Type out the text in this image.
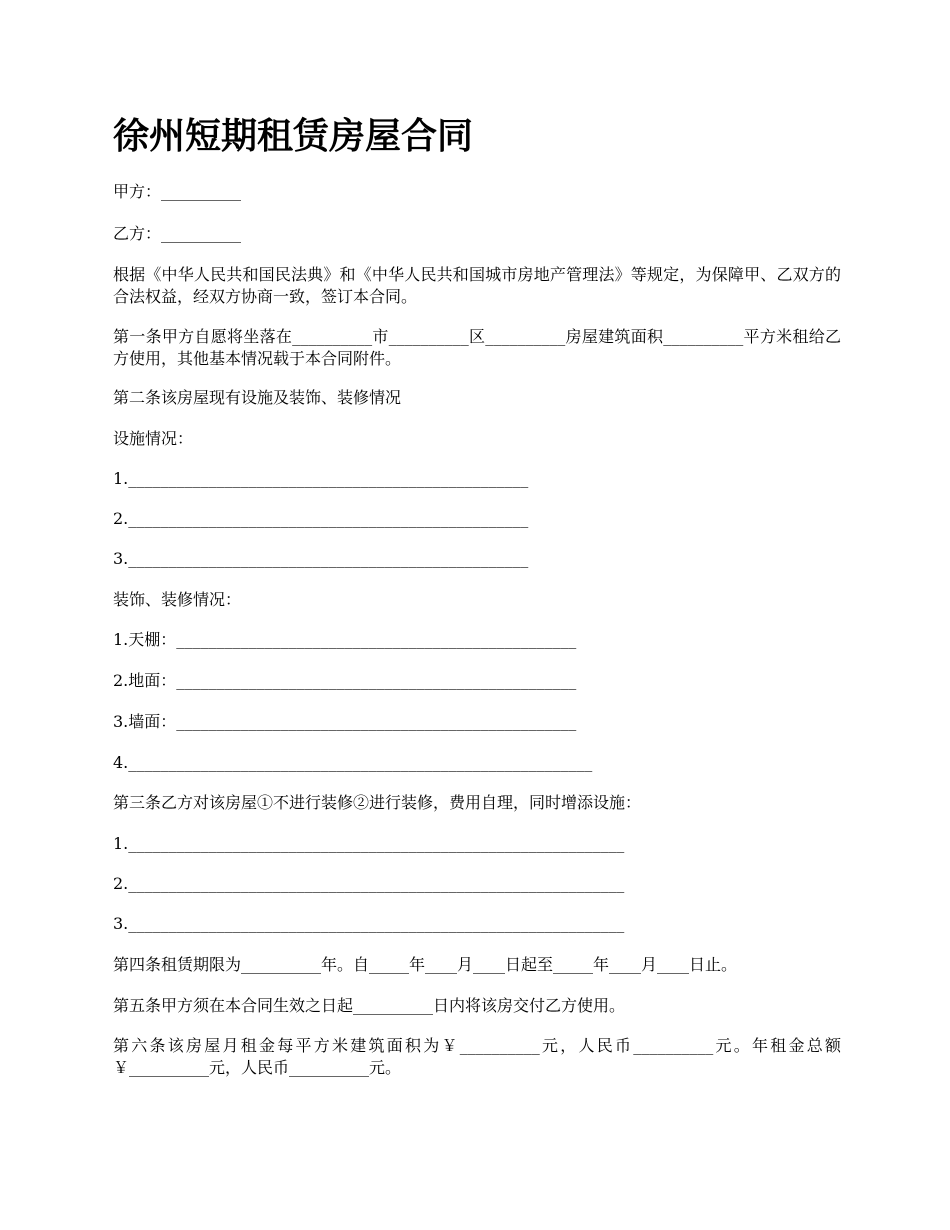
徐州短期租赁房屋合同
甲方：__________
乙方：__________
根据《中华人民共和国民法典》和《中华人民共和国城市房地产管理法》等规定，为保障甲、乙双方的合法权益，经双方协商一致，签订本合同。
第一条甲方自愿将坐落在__________市__________区__________房屋建筑面积__________平方米租给乙方使用，其他基本情况载于本合同附件。
第二条该房屋现有设施及装饰、装修情况
设施情况：
1.__________________________________________________
2.__________________________________________________
3.__________________________________________________
装饰、装修情况：
1.天棚：__________________________________________________
2.地面：__________________________________________________
3.墙面：__________________________________________________
4.__________________________________________________________
第三条乙方对该房屋①不进行装修②进行装修，费用自理，同时增添设施：
1.______________________________________________________________
2.______________________________________________________________
3.______________________________________________________________
第四条租赁期限为__________年。自_____年____月____日起至_____年____月____日止。
第五条甲方须在本合同生效之日起__________日内将该房交付乙方使用。
第六条该房屋月租金每平方米建筑面积为￥__________元，人民币__________元。年租金总额￥__________元，人民币__________元。
